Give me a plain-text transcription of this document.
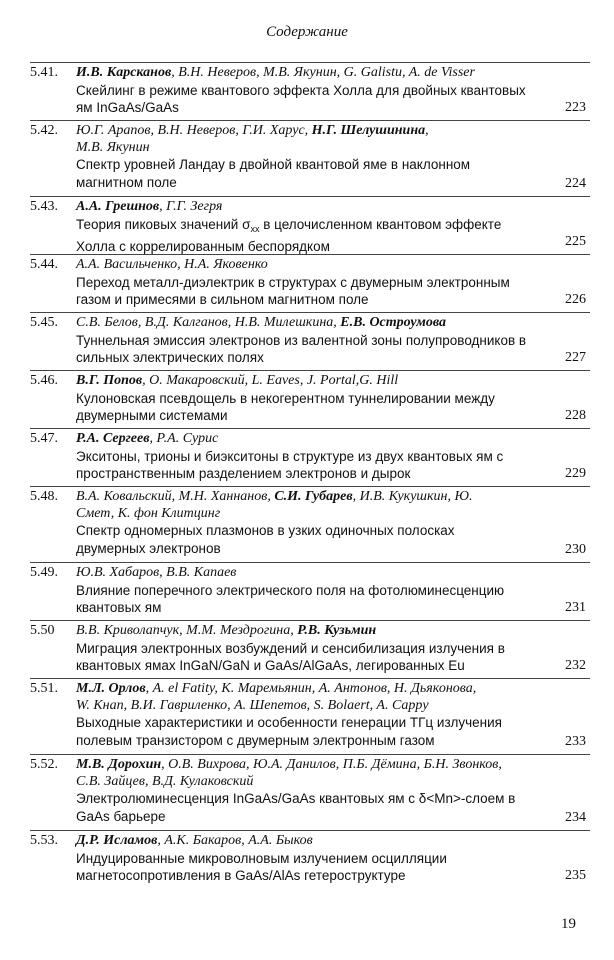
Содержание
5.41.	И.В. Карсканов, В.Н. Неверов, М.В. Якунин, G. Galistu, A. de Visser
Скейлинг в режиме квантового эффекта Холла для двойных квантовых
ям InGaAs/GaAs	223
5.42.	Ю.Г. Арапов, В.Н. Неверов, Г.И. Харус, Н.Г. Шелушинина,
М.В. Якунин
Спектр уровней Ландау в двойной квантовой яме в наклонном
магнитном поле	224
5.43.	А.А. Грешнов, Г.Г. Зегря
Теория пиковых значений $\sigma_{xx}$ в целочисленном квантовом эффекте
Холла с коррелированным беспорядком	225
5.44.	А.А. Васильченко, Н.А. Яковенко
Переход металл-диэлектрик в структурах с двумерным электронным
газом и примесями в сильном магнитном поле	226
5.45.	С.В. Белов, В.Д. Калганов, Н.В. Милешкина, Е.В. Остроумова
Туннельная эмиссия электронов из валентной зоны полупроводников в
сильных электрических полях	227
5.46.	В.Г. Попов, О. Макаровский, L. Eaves, J. Portal,G. Hill
Кулоновская псевдощель в некогерентном туннелировании между
двумерными системами	228
5.47.	Р.А. Сергеев, Р.А. Сурис
Экситоны, трионы и биэкситоны в структуре из двух квантовых ям с
пространственным разделением электронов и дырок	229
5.48.	В.А. Ковальский, М.Н. Ханнанов, С.И. Губарев, И.В. Кукушкин, Ю.
Смет, К. фон Клитцинг
Спектр одномерных плазмонов в узких одиночных полосках
двумерных электронов	230
5.49.	Ю.В. Хабаров, В.В. Капаев
Влияние поперечного электрического поля на фотолюминесценцию
квантовых ям	231
5.50	В.В. Криволапчук, М.М. Мездрогина, Р.В. Кузьмин
Миграция электронных возбуждений и сенсибилизация излучения в
квантовых ямах InGaN/GaN и GaAs/AlGaAs, легированных Eu	232
5.51.	М.Л. Орлов, A. el Fatity, К. Маремьянин, А. Антонов, Н. Дьяконова,
W. Кнап, В.И. Гавриленко, А. Шепетов, S. Bolaert, A. Cappy
Выходные характеристики и особенности генерации ТГц излучения
полевым транзистором с двумерным электронным газом	233
5.52.	М.В. Дорохин, О.В. Вихрова, Ю.А. Данилов, П.Б. Дёмина, Б.Н. Звонков,
С.В. Зайцев, В.Д. Кулаковский
Электролюминесценция InGaAs/GaAs квантовых ям с δ<Mn>-слоем в
GaAs барьере	234
5.53.	Д.Р. Исламов, А.К. Бакаров, А.А. Быков
Индуцированные микроволновым излучением осцилляции
магнетосопротивления в GaAs/AlAs гетероструктуре	235
19
